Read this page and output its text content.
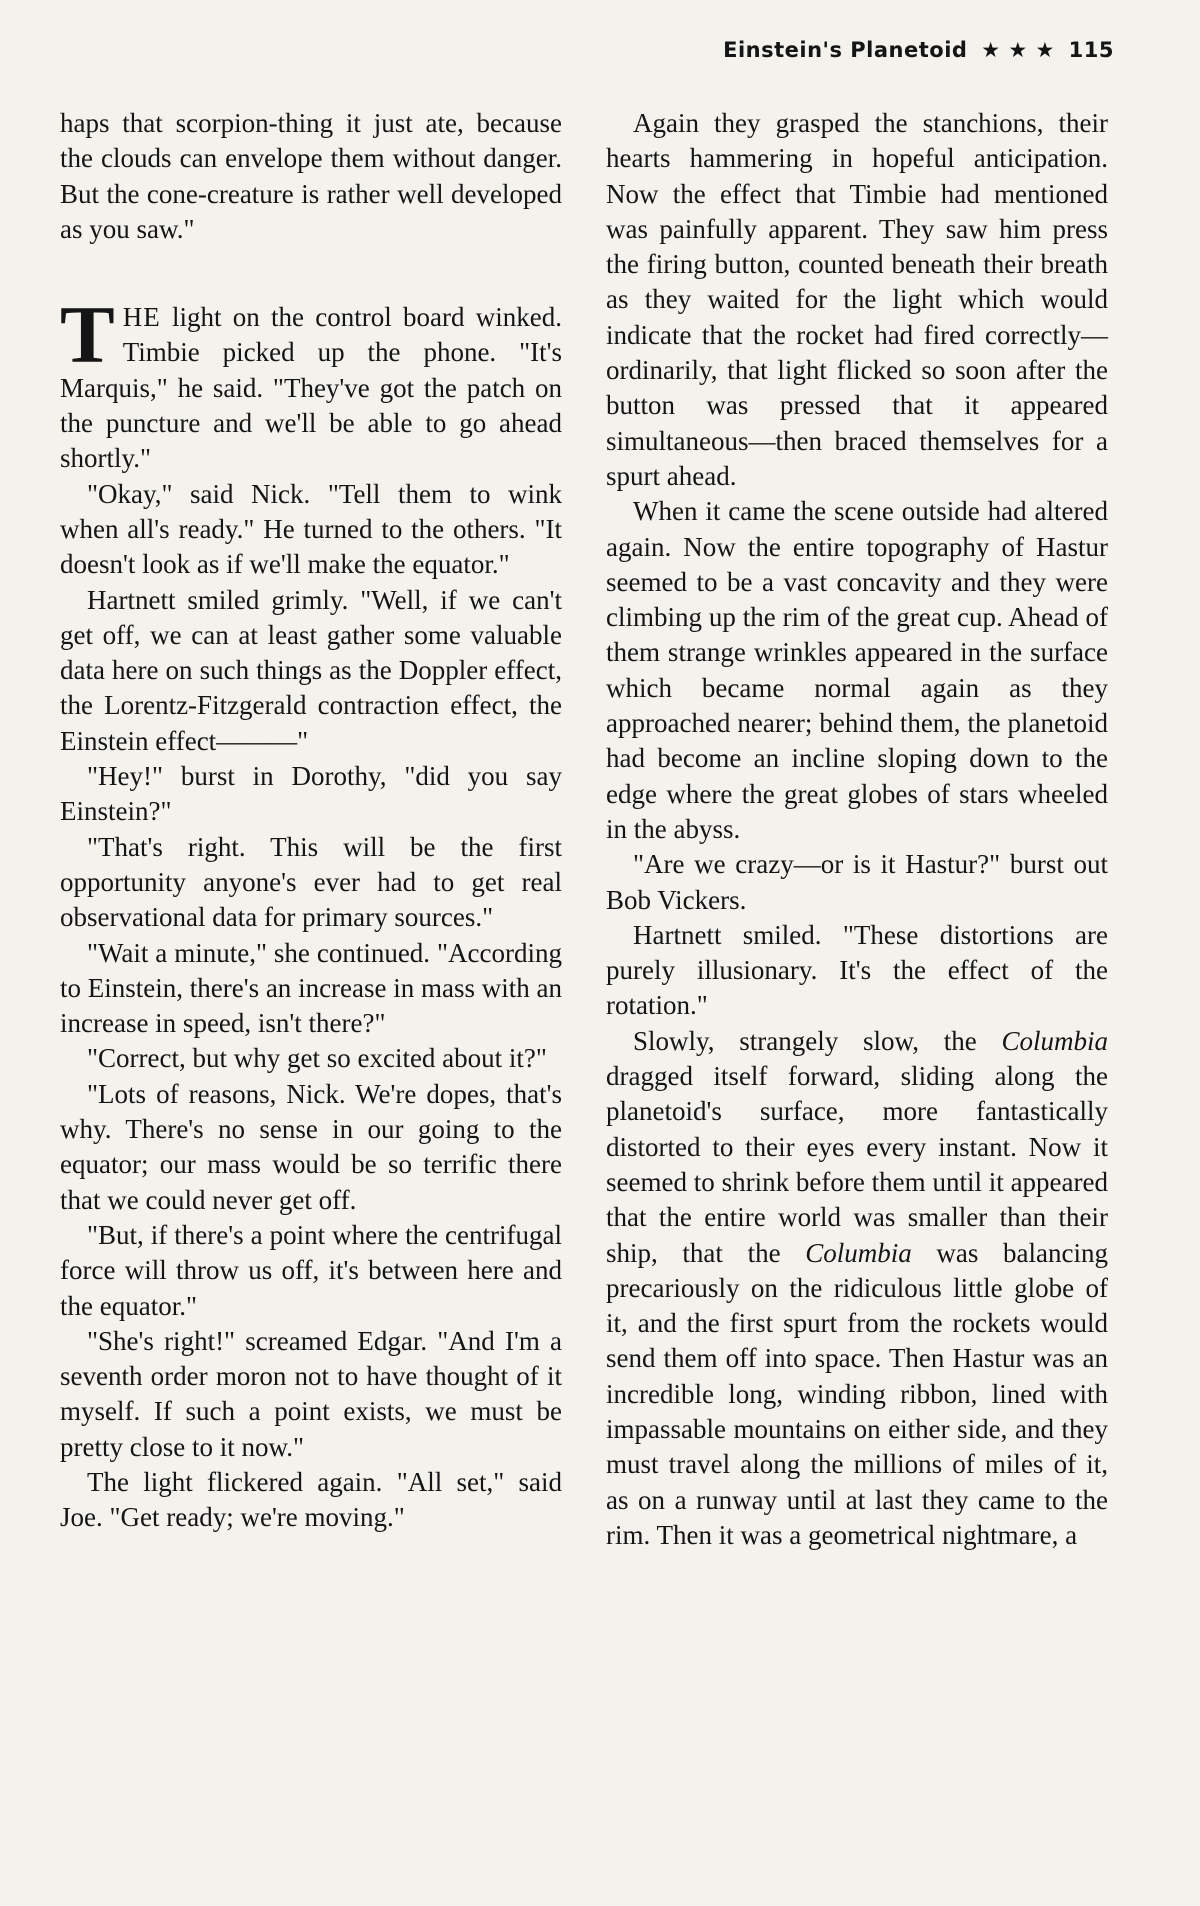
Einstein's Planetoid ★ ★ ★ 115

haps that scorpion-thing it just ate, because the clouds can envelope them without danger. But the cone-creature is rather well developed as you saw."

THE light on the control board winked. Timbie picked up the phone. "It's Marquis," he said. "They've got the patch on the puncture and we'll be able to go ahead shortly."

"Okay," said Nick. "Tell them to wink when all's ready." He turned to the others. "It doesn't look as if we'll make the equator."

Hartnett smiled grimly. "Well, if we can't get off, we can at least gather some valuable data here on such things as the Doppler effect, the Lorentz-Fitzgerald contraction effect, the Einstein effect———"

"Hey!" burst in Dorothy, "did you say Einstein?"

"That's right. This will be the first opportunity anyone's ever had to get real observational data for primary sources."

"Wait a minute," she continued. "According to Einstein, there's an increase in mass with an increase in speed, isn't there?"

"Correct, but why get so excited about it?"

"Lots of reasons, Nick. We're dopes, that's why. There's no sense in our going to the equator; our mass would be so terrific there that we could never get off.

"But, if there's a point where the centrifugal force will throw us off, it's between here and the equator."

"She's right!" screamed Edgar. "And I'm a seventh order moron not to have thought of it myself. If such a point exists, we must be pretty close to it now."

The light flickered again. "All set," said Joe. "Get ready; we're moving."

Again they grasped the stanchions, their hearts hammering in hopeful anticipation. Now the effect that Timbie had mentioned was painfully apparent. They saw him press the firing button, counted beneath their breath as they waited for the light which would indicate that the rocket had fired correctly—ordinarily, that light flicked so soon after the button was pressed that it appeared simultaneous—then braced themselves for a spurt ahead.

When it came the scene outside had altered again. Now the entire topography of Hastur seemed to be a vast concavity and they were climbing up the rim of the great cup. Ahead of them strange wrinkles appeared in the surface which became normal again as they approached nearer; behind them, the planetoid had become an incline sloping down to the edge where the great globes of stars wheeled in the abyss.

"Are we crazy—or is it Hastur?" burst out Bob Vickers.

Hartnett smiled. "These distortions are purely illusionary. It's the effect of the rotation."

Slowly, strangely slow, the Columbia dragged itself forward, sliding along the planetoid's surface, more fantastically distorted to their eyes every instant. Now it seemed to shrink before them until it appeared that the entire world was smaller than their ship, that the Columbia was balancing precariously on the ridiculous little globe of it, and the first spurt from the rockets would send them off into space. Then Hastur was an incredible long, winding ribbon, lined with impassable mountains on either side, and they must travel along the millions of miles of it, as on a runway until at last they came to the rim. Then it was a geometrical nightmare, a
